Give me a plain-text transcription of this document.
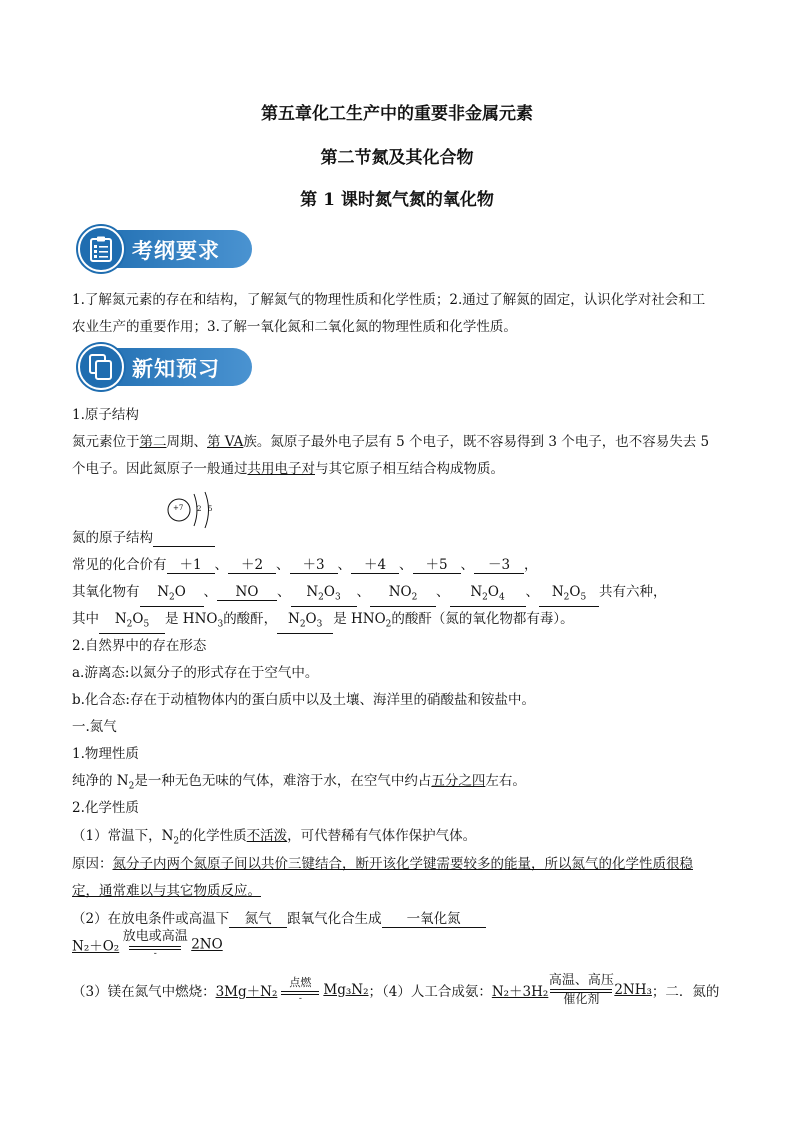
第五章化工生产中的重要非金属元素
第二节氮及其化合物
第 1 课时氮气氮的氧化物
考纲要求
1.了解氮元素的存在和结构，了解氮气的物理性质和化学性质；2.通过了解氮的固定，认识化学对社会和工
农业生产的重要作用；3.了解一氧化氮和二氧化氮的物理性质和化学性质。
新知预习
1.原子结构
氮元素位于第二周期、第 VA族。氮原子最外电子层有 5 个电子，既不容易得到 3 个电子，也不容易失去 5
个电子。因此氮原子一般通过共用电子对与其它原子相互结合构成物质。
+7 2 5
氮的原子结构
常见的化合价有 ＋1 、 ＋2 、 ＋3 、 ＋4 、 ＋5 、 －3 ，
其氧化物有 $N_2O$ 、 NO 、 $N_2O_3$ 、 $NO_2$ 、 $N_2O_4$ 、 $N_2O_5$ 共有六种，
其中 $N_2O_5$ 是 $HNO_3$的酸酐， $N_2O_3$ 是 $HNO_2$的酸酐（氮的氧化物都有毒）。
2.自然界中的存在形态
a.游离态:以氮分子的形式存在于空气中。
b.化合态:存在于动植物体内的蛋白质中以及土壤、海洋里的硝酸盐和铵盐中。
一.氮气
1.物理性质
纯净的 $N_2$是一种无色无味的气体，难溶于水，在空气中约占五分之四左右。
2.化学性质
（1）常温下，$N_2$的化学性质不活泼，可代替稀有气体作保护气体。
原因：氮分子内两个氮原子间以共价三键结合，断开该化学键需要较多的能量，所以氮气的化学性质很稳
定，通常难以与其它物质反应。
（2）在放电条件或高温下 氮气 跟氧气化合生成 一氧化氮
N₂＋O₂
放电或高温
-
2NO
（3）镁在氮气中燃烧：3Mg＋N₂
点燃
-
Mg₃N₂；（4）人工合成氨：N₂＋3H₂
高温、高压
催化剂
2NH₃；二．氮的
